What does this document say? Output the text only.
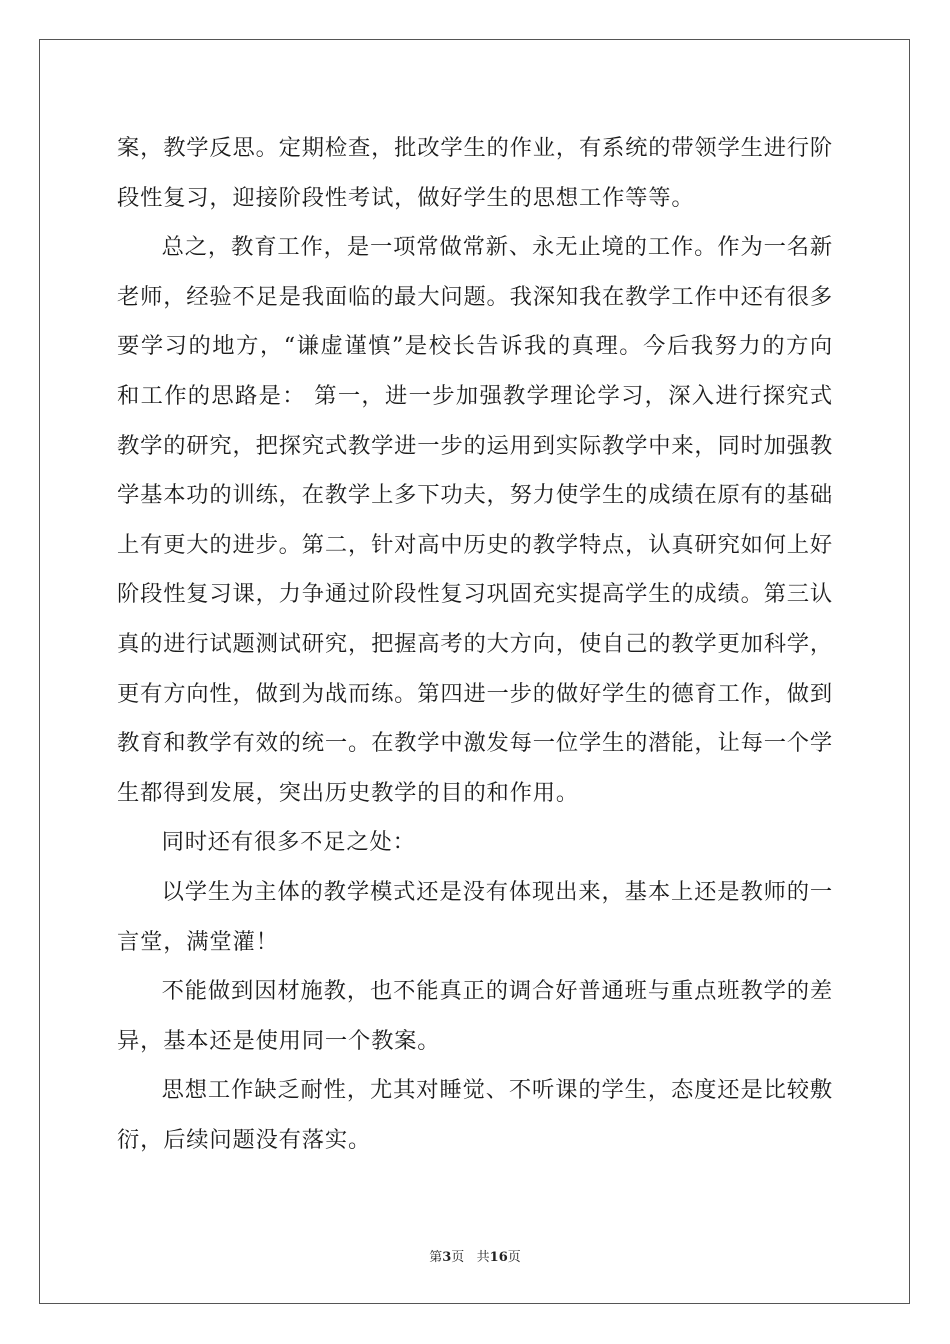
案，教学反思。定期检查，批改学生的作业，有系统的带领学生进行阶段性复习，迎接阶段性考试，做好学生的思想工作等等。

总之，教育工作，是一项常做常新、永无止境的工作。作为一名新老师，经验不足是我面临的最大问题。我深知我在教学工作中还有很多要学习的地方，“谦虚谨慎”是校长告诉我的真理。今后我努力的方向和工作的思路是： 第一，进一步加强教学理论学习，深入进行探究式教学的研究，把探究式教学进一步的运用到实际教学中来，同时加强教学基本功的训练，在教学上多下功夫，努力使学生的成绩在原有的基础上有更大的进步。第二，针对高中历史的教学特点，认真研究如何上好阶段性复习课，力争通过阶段性复习巩固充实提高学生的成绩。第三认真的进行试题测试研究，把握高考的大方向，使自己的教学更加科学，更有方向性，做到为战而练。第四进一步的做好学生的德育工作，做到教育和教学有效的统一。在教学中激发每一位学生的潜能，让每一个学生都得到发展，突出历史教学的目的和作用。

同时还有很多不足之处：

以学生为主体的教学模式还是没有体现出来，基本上还是教师的一言堂，满堂灌！

不能做到因材施教，也不能真正的调合好普通班与重点班教学的差异，基本还是使用同一个教案。

思想工作缺乏耐性，尤其对睡觉、不听课的学生，态度还是比较敷衍，后续问题没有落实。

第3页   共16页
